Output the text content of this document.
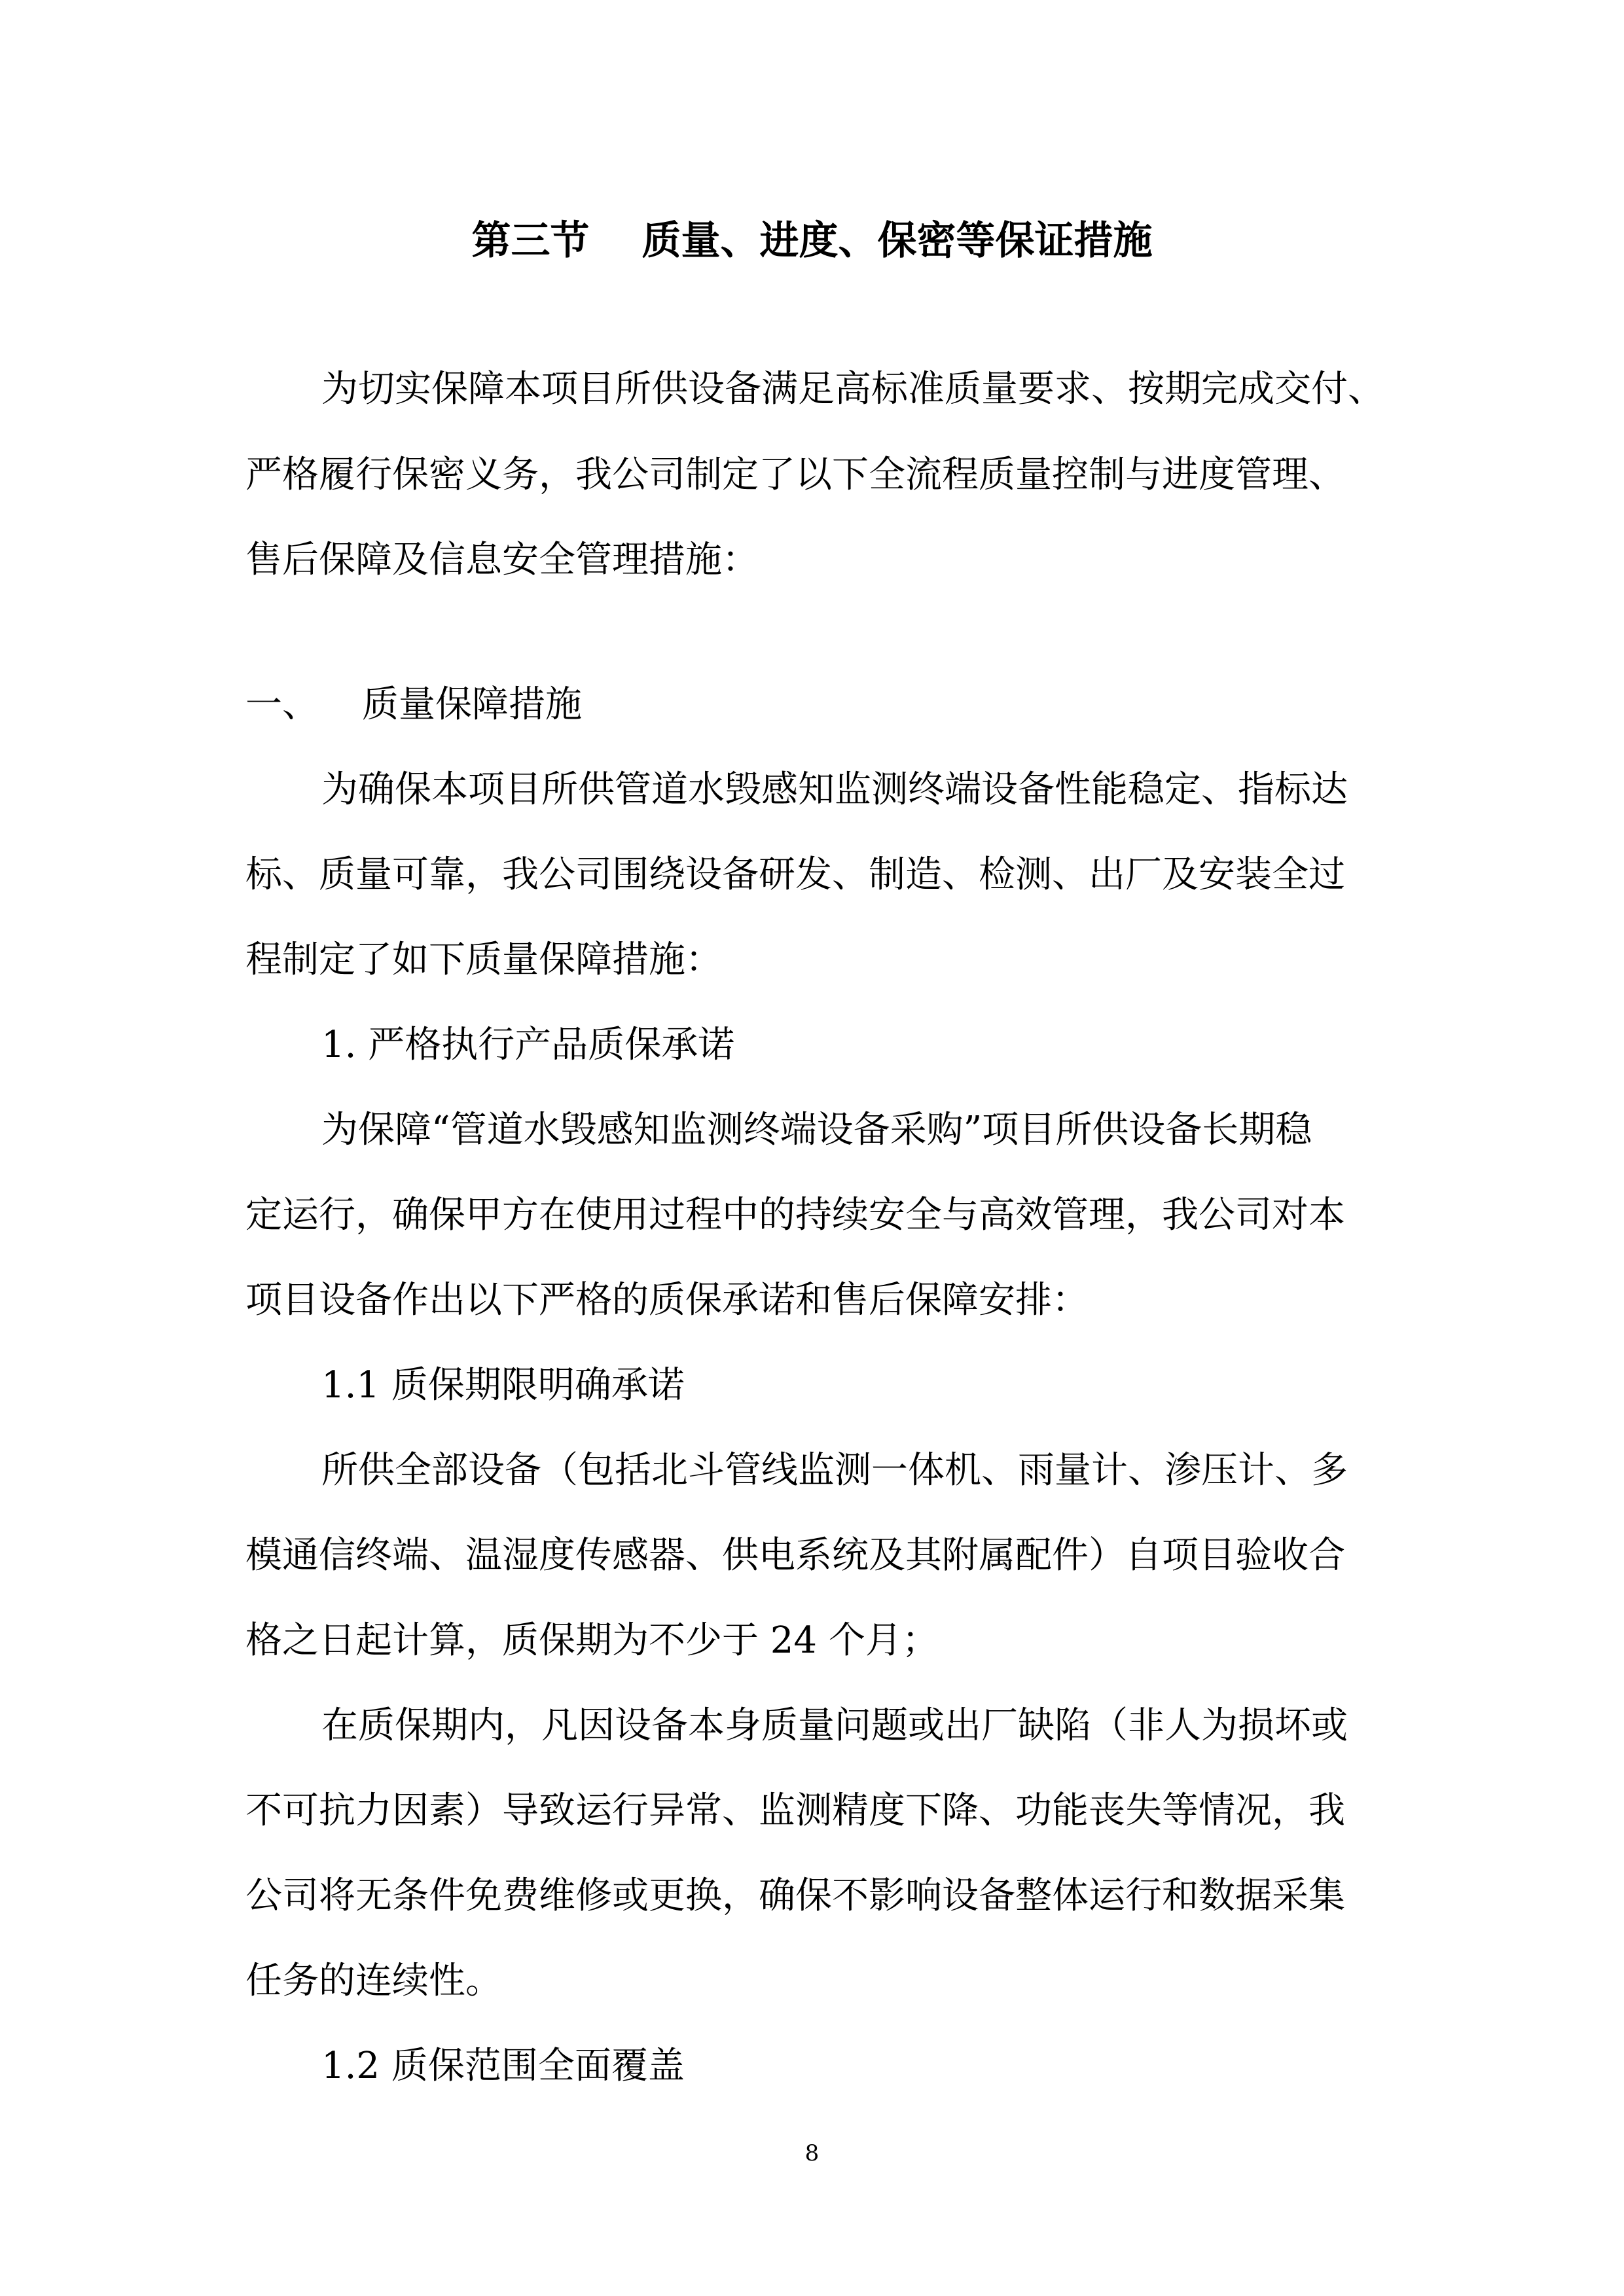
第三节 质量、进度、保密等保证措施

为切实保障本项目所供设备满足高标准质量要求、按期完成交付、

严格履行保密义务，我公司制定了以下全流程质量控制与进度管理、

售后保障及信息安全管理措施：

一、 质量保障措施

为确保本项目所供管道水毁感知监测终端设备性能稳定、指标达

标、质量可靠，我公司围绕设备研发、制造、检测、出厂及安装全过

程制定了如下质量保障措施：

1. 严格执行产品质保承诺

为保障“管道水毁感知监测终端设备采购”项目所供设备长期稳

定运行，确保甲方在使用过程中的持续安全与高效管理，我公司对本

项目设备作出以下严格的质保承诺和售后保障安排：

1.1 质保期限明确承诺

所供全部设备（包括北斗管线监测一体机、雨量计、渗压计、多

模通信终端、温湿度传感器、供电系统及其附属配件）自项目验收合

格之日起计算，质保期为不少于 24 个月；

在质保期内，凡因设备本身质量问题或出厂缺陷（非人为损坏或

不可抗力因素）导致运行异常、监测精度下降、功能丧失等情况，我

公司将无条件免费维修或更换，确保不影响设备整体运行和数据采集

任务的连续性。

1.2 质保范围全面覆盖

8
